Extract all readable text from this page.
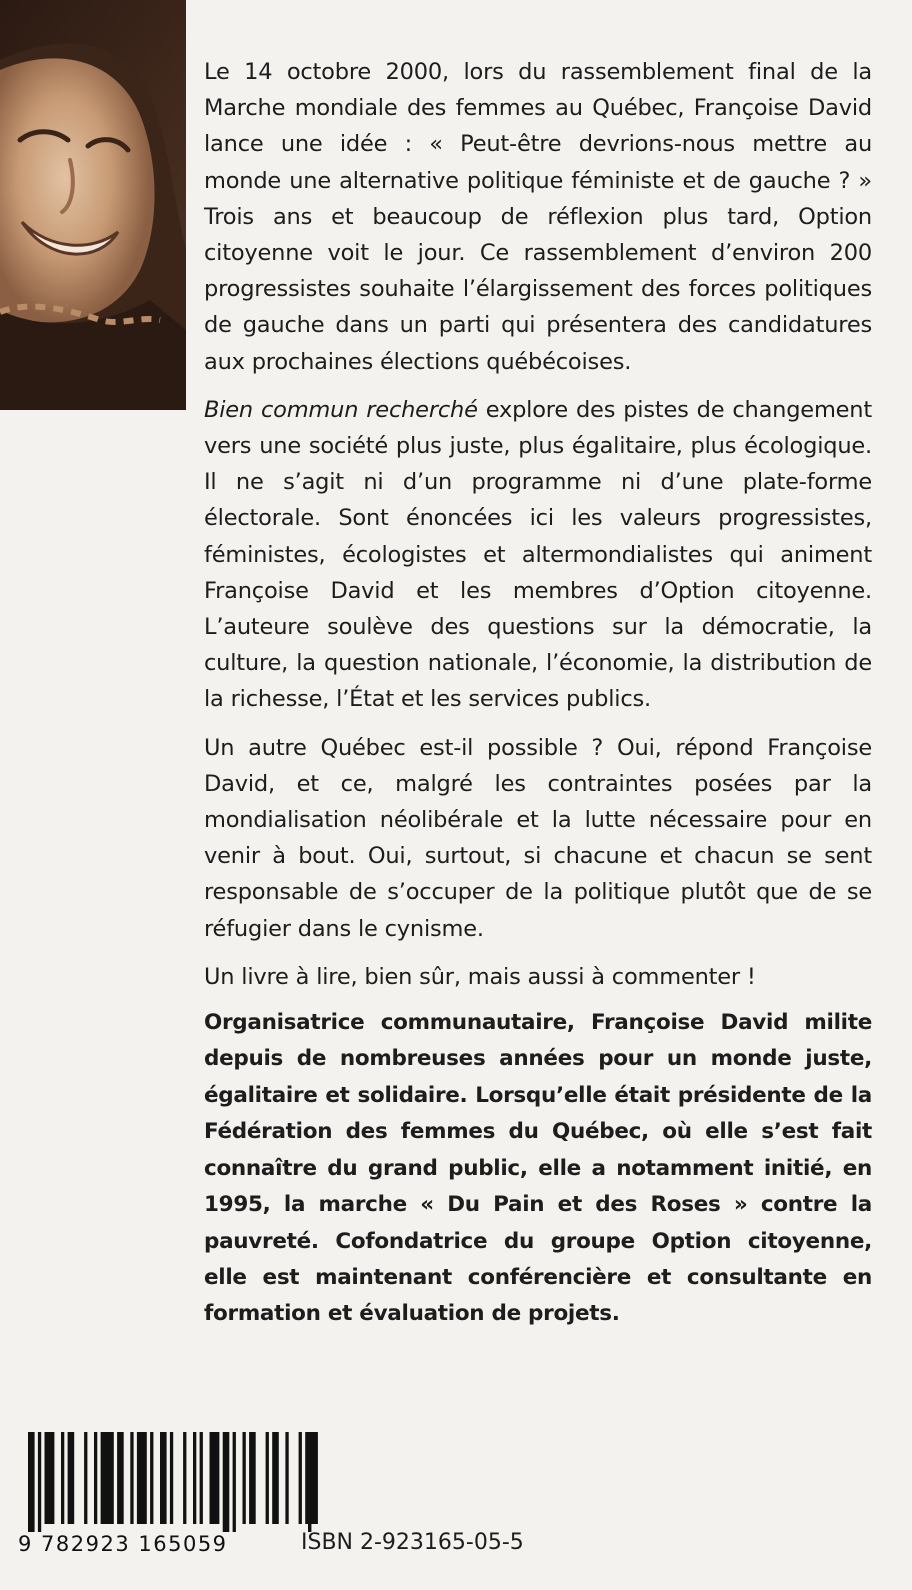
Le 14 octobre 2000, lors du rassemblement final de la Marche mondiale des femmes au Québec, Françoise David lance une idée : « Peut-être devrions-nous mettre au monde une alternative politique féministe et de gauche ? » Trois ans et beaucoup de réflexion plus tard, Option citoyenne voit le jour. Ce rassemblement d’environ 200 progressistes souhaite l’élargissement des forces politiques de gauche dans un parti qui présentera des candidatures aux prochaines élections québécoises.

Bien commun recherché explore des pistes de changement vers une société plus juste, plus égalitaire, plus écologique. Il ne s’agit ni d’un programme ni d’une plate-forme électorale. Sont énoncées ici les valeurs progressistes, féministes, écologistes et altermondialistes qui animent Françoise David et les membres d’Option citoyenne. L’auteure soulève des questions sur la démocratie, la culture, la question nationale, l’économie, la distribution de la richesse, l’État et les services publics.

Un autre Québec est-il possible ? Oui, répond Françoise David, et ce, malgré les contraintes posées par la mondialisation néolibérale et la lutte nécessaire pour en venir à bout. Oui, surtout, si chacune et chacun se sent responsable de s’occuper de la politique plutôt que de se réfugier dans le cynisme.

Un livre à lire, bien sûr, mais aussi à commenter !

Organisatrice communautaire, Françoise David milite depuis de nombreuses années pour un monde juste, égalitaire et solidaire. Lorsqu’elle était présidente de la Fédération des femmes du Québec, où elle s’est fait connaître du grand public, elle a notamment initié, en 1995, la marche « Du Pain et des Roses » contre la pauvreté. Cofondatrice du groupe Option citoyenne, elle est maintenant conférencière et consultante en formation et évaluation de projets.

9 782923 165059	ISBN 2-923165-05-5
